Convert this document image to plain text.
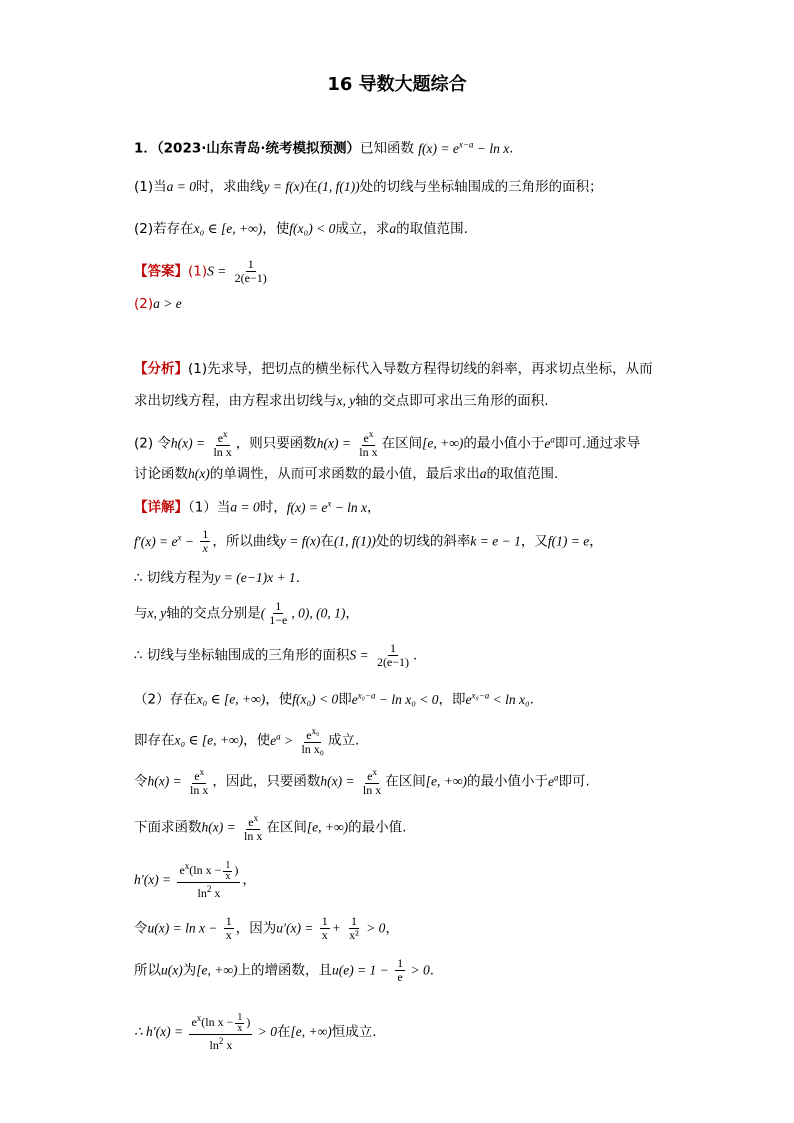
16 导数大题综合
1．（2023·山东青岛·统考模拟预测）已知函数 $f(x) = e^{x-a} - \ln x$.
(1)当a = 0时，求曲线y = f(x)在(1, f(1))处的切线与坐标轴围成的三角形的面积；
(2)若存在x₀ ∈ [e, +∞)，使f(x₀) < 0成立，求a的取值范围.
【答案】$(1)S = \frac{1}{2(e-1)}$
(2)a > e
【分析】(1)先求导，把切点的横坐标代入导数方程得切线的斜率，再求切点坐标，从而
求出切线方程，由方程求出切线与x, y轴的交点即可求出三角形的面积.
(2) 令$h(x) = \frac{e^x}{\text{ln x}}$ ，则只要函数$h(x) = \frac{e^x}{\text{ln x}}$ 在区间[e, +∞)的最小值小于$e^a$即可.通过求导
讨论函数h(x)的单调性，从而可求函数的最小值，最后求出a的取值范围.
【详解】（1）当a = 0时，$f(x) = e^x - \ln x$，
$f'(x) = e^x - \frac{1}{x}$ ，所以曲线y = f(x)在(1, f(1))处的切线的斜率k = e − 1，又f(1) = e，
∴ 切线方程为y = (e−1)x + 1.
与x, y轴的交点分别是( $\frac{1}{1-e}$ , 0), (0, 1)，
∴ 切线与坐标轴围成的三角形的面积$S = \frac{1}{2(e-1)}$ .
（2）存在x₀ ∈ [e, +∞)，使f(x₀) < 0即$e^{x_0-a} - \ln x_0 < 0$，即$e^{x_0-a} < \ln x_0$.
即存在x₀ ∈ [e, +∞)，使$e^a > \frac{e^{x_0}}{\text{ln x₀}}$ 成立.
令$h(x) = \frac{e^x}{\text{ln x}}$ ，因此，只要函数$h(x) = \frac{e^x}{\text{ln x}}$ 在区间[e, +∞)的最小值小于$e^a$即可.
下面求函数$h(x) = \frac{e^x}{\text{ln x}}$ 在区间[e, +∞)的最小值.
$h'(x) = \frac{e^x(\ln x - \frac{1}{x} )}{\ln^2 x}$ ，
令$u(x) = \ln x - \frac{1}{x}$ ，因为$u'(x) = \frac{1}{x} + \frac{1}{\text{x²}} > 0$，
所以u(x)为[e, +∞)上的增函数，且$u(e) = 1 - \frac{1}{e} > 0$.
∴ $h'(x) = \frac{e^x(\ln x - \frac{1}{x} )}{\ln^2 x} > 0$在[e, +∞)恒成立.
